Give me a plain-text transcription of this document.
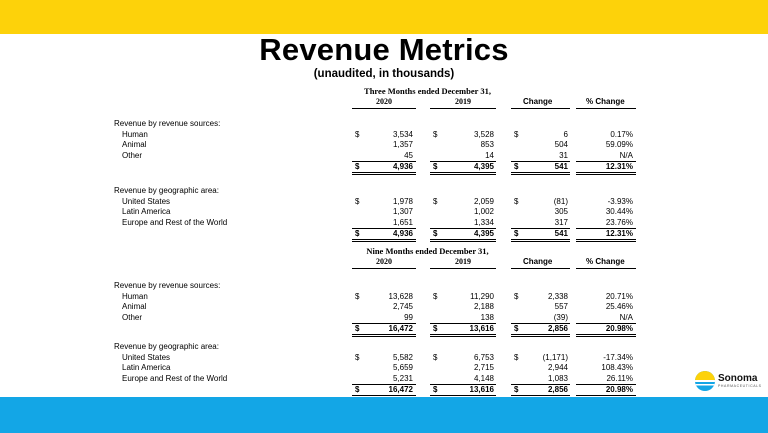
Revenue Metrics
(unaudited, in thousands)
Three Months ended December 31,
2020	2019	Change	% Change
Revenue by revenue sources:
Human	$	3,534	$	3,528	$	6	0.17%
Animal	1,357	853	504	59.09%
Other	45	14	31	N/A
$	4,936	$	4,395	$	541	12.31%
Revenue by geographic area:
United States	$	1,978	$	2,059	$	(81)	-3.93%
Latin America	1,307	1,002	305	30.44%
Europe and Rest of the World	1,651	1,334	317	23.76%
$	4,936	$	4,395	$	541	12.31%
Nine Months ended December 31,
2020	2019	Change	% Change
Revenue by revenue sources:
Human	$	13,628	$	11,290	$	2,338	20.71%
Animal	2,745	2,188	557	25.46%
Other	99	138	(39)	N/A
$	16,472	$	13,616	$	2,856	20.98%
Revenue by geographic area:
United States	$	5,582	$	6,753	$	(1,171)	-17.34%
Latin America	5,659	2,715	2,944	108.43%
Europe and Rest of the World	5,231	4,148	1,083	26.11%
$	16,472	$	13,616	$	2,856	20.98%
Sonoma
PHARMACEUTICALS
